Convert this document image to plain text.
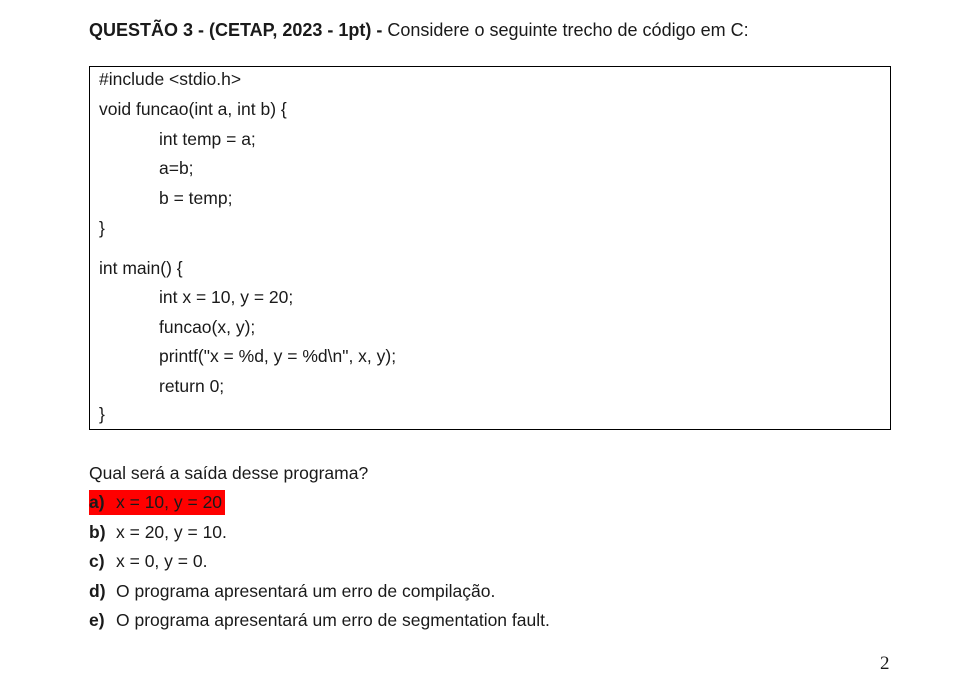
QUESTÃO 3 - (CETAP, 2023 - 1pt) - Considere o seguinte trecho de código em C:
#include <stdio.h>
void funcao(int a, int b) {
int temp = a;
a=b;
b = temp;
}
int main() {
int x = 10, y = 20;
funcao(x, y);
printf("x = %d, y = %d\n", x, y);
return 0;
}
Qual será a saída desse programa?
a) x = 10, y = 20
b) x = 20, y = 10.
c) x = 0, y = 0.
d) O programa apresentará um erro de compilação.
e) O programa apresentará um erro de segmentation fault.
2
